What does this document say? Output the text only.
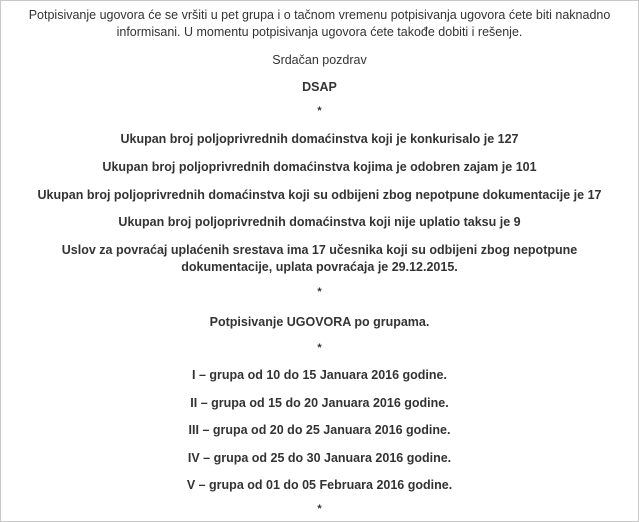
Potpisivanje ugovora će se vršiti u pet grupa i o tačnom vremenu potpisivanja ugovora ćete biti naknadno informisani. U momentu potpisivanja ugovora ćete takođe dobiti i rešenje.
Srdačan pozdrav
DSAP
*
Ukupan broj poljoprivrednih domaćinstva koji je konkurisalo je 127
Ukupan broj poljoprivrednih domaćinstva kojima je odobren zajam je 101
Ukupan broj poljoprivrednih domaćinstva koji su odbijeni zbog nepotpune dokumentacije je 17
Ukupan broj poljoprivrednih domaćinstva koji nije uplatio taksu je 9
Uslov za povraćaj uplaćenih srestava ima 17 učesnika koji su odbijeni zbog nepotpune dokumentacije, uplata povraćaja je 29.12.2015.
*
Potpisivanje UGOVORA po grupama.
*
I – grupa od 10 do 15 Januara 2016 godine.
II – grupa od 15 do 20 Januara 2016 godine.
III – grupa od 20 do 25 Januara 2016 godine.
IV – grupa od 25 do 30 Januara 2016 godine.
V – grupa od 01 do 05 Februara 2016 godine.
*
